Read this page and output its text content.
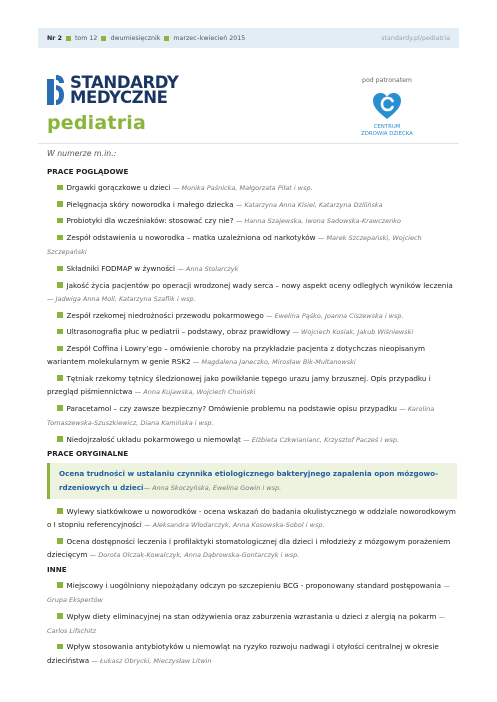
Nr 2 tom 12 dwumiesięcznik marzec–kwiecień 2015	standardy.pl/pediatria
STANDARDY
MEDYCZNE
pediatria
pod patronatem
CENTRUM
ZDROWIA DZIECKA
W numerze m.in.:
PRACE POGLĄDOWE
Drgawki gorączkowe u dzieci — Monika Paśnicka, Małgorzata Piłat i wsp.
Pielęgnacja skóry noworodka i małego dziecka — Katarzyna Anna Kisiel, Katarzyna Dzilińska
Probiotyki dla wcześniaków: stosować czy nie? — Hanna Szajewska, Iwona Sadowska-Krawczenko
Zespół odstawienia u noworodka – matka uzależniona od narkotyków — Marek Szczepański, Wojciech Szczepański
Składniki FODMAP w żywności — Anna Stolarczyk
Jakość życia pacjentów po operacji wrodzonej wady serca – nowy aspekt oceny odległych wyników leczenia — Jadwiga Anna Moll, Katarzyna Szaflik i wsp.
Zespół rzekomej niedrożności przewodu pokarmowego — Ewelina Pąśko, Joanna Ciszewska i wsp.
Ultrasonografia płuc w pediatrii – podstawy, obraz prawidłowy — Wojciech Kosiak, Jakub Wiśniewski
Zespół Coffina i Lowry’ego – omówienie choroby na przykładzie pacjenta z dotychczas nieopisanym wariantem molekularnym w genie RSK2 — Magdalena Janeczko, Mirosław Bik-Multanowski
Tętniak rzekomy tętnicy śledzionowej jako powikłanie tępego urazu jamy brzusznej. Opis przypadku i przegląd piśmiennictwa — Anna Kujawska, Wojciech Choiński
Paracetamol – czy zawsze bezpieczny? Omówienie problemu na podstawie opisu przypadku — Karolina Tomaszewska-Szuszkiewicz, Diana Kamińska i wsp.
Niedojrzałość układu pokarmowego u niemowląt — Elżbieta Czkwianianc, Krzysztof Pacześ i wsp.
PRACE ORYGINALNE
Ocena trudności w ustalaniu czynnika etiologicznego bakteryjnego zapalenia opon mózgowo-rdzeniowych u dzieci— Anna Skoczyńska, Ewelina Gowin i wsp.
Wylewy siatkówkowe u noworodków - ocena wskazań do badania okulistycznego w oddziale noworodkowym o I stopniu referencyjności — Aleksandra Włodarczyk, Anna Kosowska-Sobol i wsp.
Ocena dostępności leczenia i profilaktyki stomatologicznej dla dzieci i młodzieży z mózgowym porażeniem dziecięcym — Dorota Olczak-Kowalczyk, Anna Dąbrowska-Gontarczyk i wsp.
INNE
Miejscowy i uogólniony niepożądany odczyn po szczepieniu BCG - proponowany standard postępowania — Grupa Ekspertów
Wpływ diety eliminacyjnej na stan odżywienia oraz zaburzenia wzrastania u dzieci z alergią na pokarm — Carlos Lifschitz
Wpływ stosowania antybiotyków u niemowląt na ryzyko rozwoju nadwagi i otyłości centralnej w okresie dzieciństwa — Łukasz Obrycki, Mieczysław Litwin
